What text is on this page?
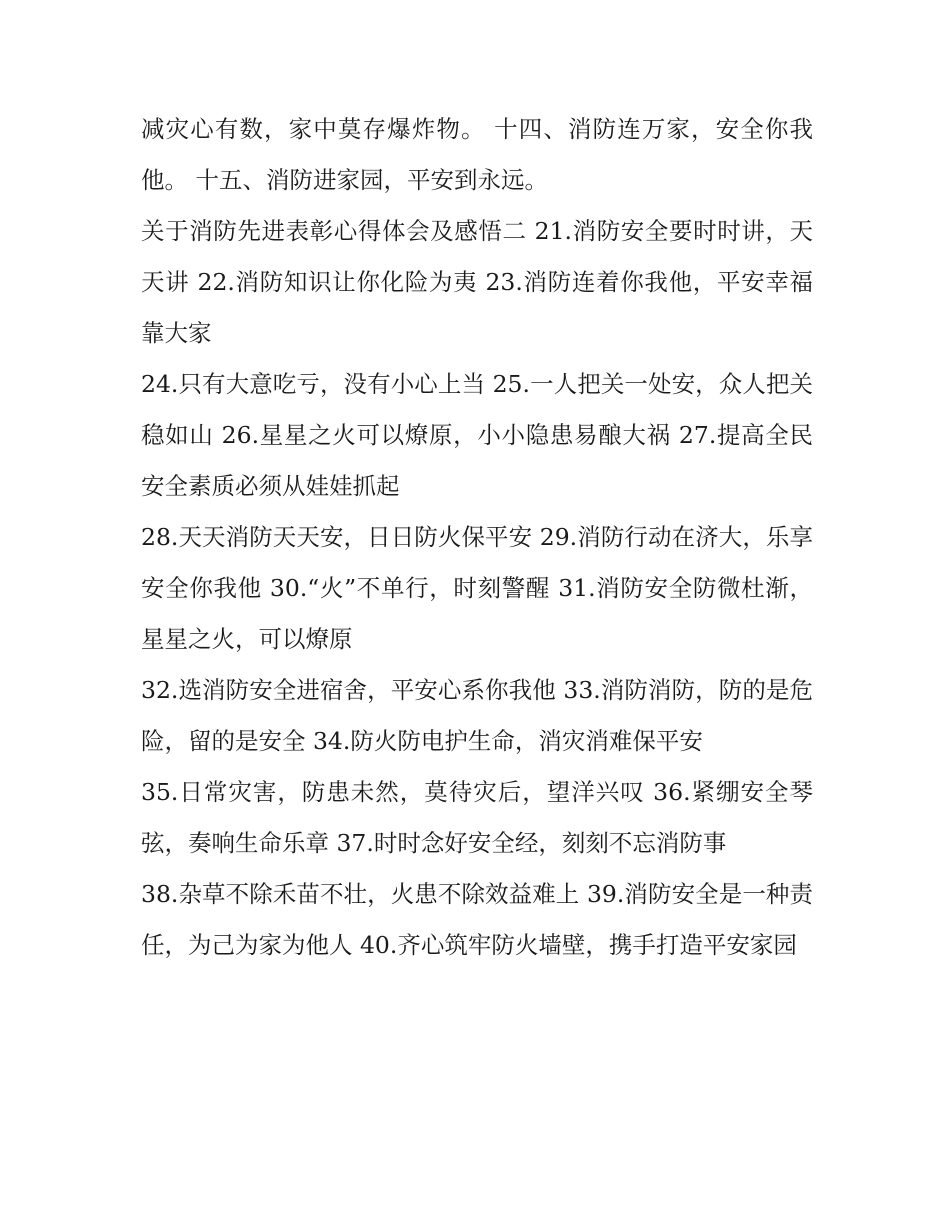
减灾心有数，家中莫存爆炸物。 十四、消防连万家，安全你我他。 十五、消防进家园，平安到永远。

关于消防先进表彰心得体会及感悟二 21.消防安全要时时讲，天天讲 22.消防知识让你化险为夷 23.消防连着你我他，平安幸福靠大家

24.只有大意吃亏，没有小心上当 25.一人把关一处安，众人把关稳如山 26.星星之火可以燎原，小小隐患易酿大祸 27.提高全民安全素质必须从娃娃抓起

28.天天消防天天安，日日防火保平安 29.消防行动在济大，乐享安全你我他 30.“火”不单行，时刻警醒 31.消防安全防微杜渐，星星之火，可以燎原

32.选消防安全进宿舍，平安心系你我他 33.消防消防，防的是危险，留的是安全 34.防火防电护生命，消灾消难保平安

35.日常灾害，防患未然，莫待灾后，望洋兴叹 36.紧绷安全琴弦，奏响生命乐章 37.时时念好安全经，刻刻不忘消防事

38.杂草不除禾苗不壮，火患不除效益难上 39.消防安全是一种责任，为己为家为他人 40.齐心筑牢防火墙壁，携手打造平安家园
